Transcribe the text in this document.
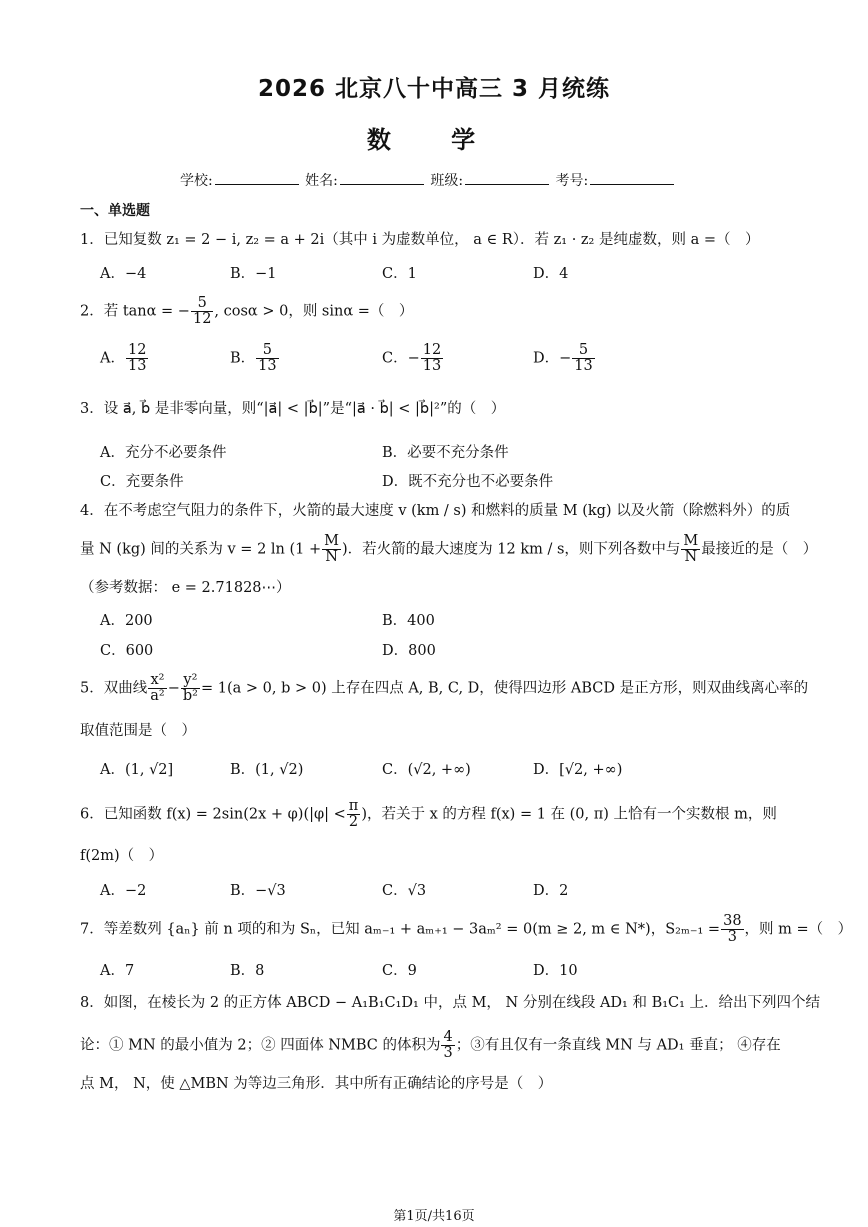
2026 北京八十中高三 3 月统练
数 学
学校:	姓名:	班级:	考号:
一、单选题
1．已知复数 z₁ = 2 − i, z₂ = a + 2i（其中 i 为虚数单位， a ∈ R）．若 z₁ · z₂ 是纯虚数，则 a =（　）
A．−4	B．−1	C．1	D．4
2．若 tanα = − $\frac{5}{12}$ , cosα > 0，则 sinα =（　）
A． $\frac{12}{13}$	B． $\frac{5}{13}$	C．− $\frac{12}{13}$	D．− $\frac{5}{13}$
3．设 a⃗, b⃗ 是非零向量，则“|a⃗| < |b⃗|”是“|a⃗ · b⃗| < |b⃗|²”的（　）
A．充分不必要条件	B．必要不充分条件
C．充要条件	D．既不充分也不必要条件
4．在不考虑空气阻力的条件下，火箭的最大速度 v (km / s) 和燃料的质量 M (kg) 以及火箭（除燃料外）的质
量 N (kg) 间的关系为 v = 2 $\ln (1 + \frac{M}{N}$ )．若火箭的最大速度为 12 km / s，则下列各数中与 $\frac{M}{N}$ 最接近的是（　）
（参考数据： e = 2.71828⋯）
A．200	B．400
C．600	D．800
5．双曲线 $\frac{\text{x²}}{\text{a²}} - \frac{\text{y²}}{\text{b²}} = 1(a > 0$, b > 0) 上存在四点 A, B, C, D，使得四边形 ABCD 是正方形，则双曲线离心率的
取值范围是（　）
A．(1, √2]	B．(1, √2)	C．(√2, +∞)	D．[√2, +∞)
6．已知函数 $f(x) = 2\sin(2x + \varphi)(|\varphi| < \frac{\pi}{2}$ )，若关于 x 的方程 f(x) = 1 在 (0, π) 上恰有一个实数根 m，则
f(2m)（　）
A．−2	B．−√3	C．√3	D．2
7．等差数列 {aₙ} 前 n 项的和为 Sₙ，已知 aₘ₋₁ + aₘ₊₁ − 3aₘ² = 0(m ≥ 2, m ∈ N*)，$S_{2m-1} = \frac{38}{3}$ ，则 m =（　）
A．7	B．8	C．9	D．10
8．如图，在棱长为 2 的正方体 ABCD − A₁B₁C₁D₁ 中，点 M， N 分别在线段 AD₁ 和 B₁C₁ 上．给出下列四个结
论：① MN 的最小值为 2；② 四面体 NMBC 的体积为 $\frac{4}{3}$ ；③有且仅有一条直线 MN 与 AD₁ 垂直； ④存在
点 M， N，使 △MBN 为等边三角形．其中所有正确结论的序号是（　）
第1页/共16页
